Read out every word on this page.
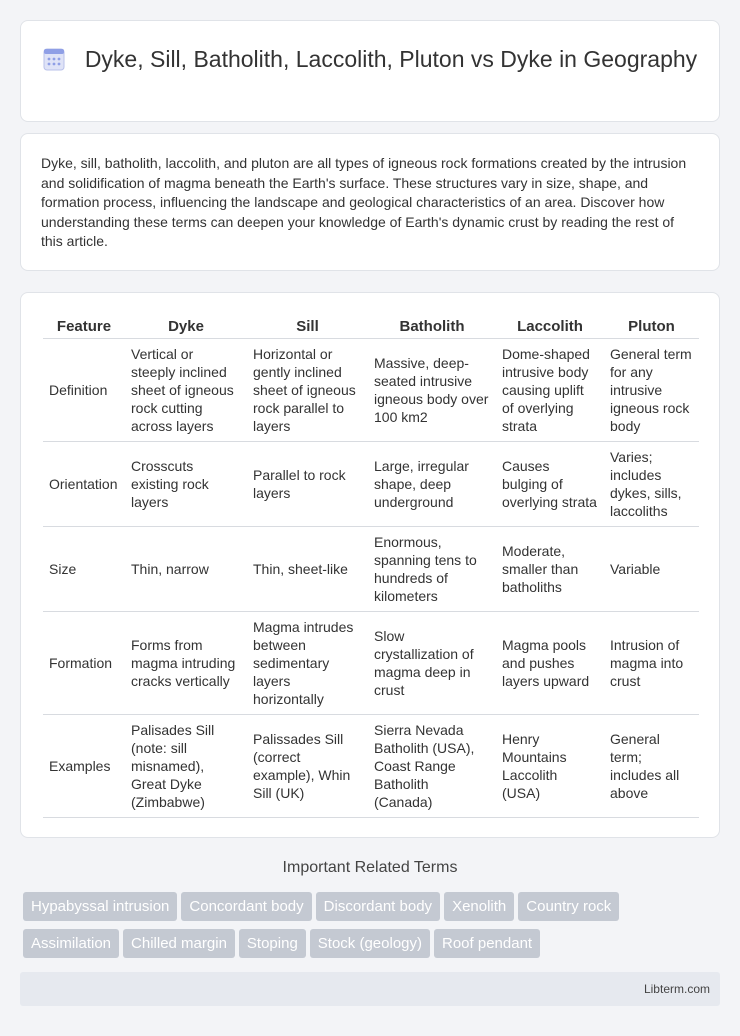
Dyke, Sill, Batholith, Laccolith, Pluton vs Dyke in Geography

Dyke, sill, batholith, laccolith, and pluton are all types of igneous rock formations created by the intrusion and solidification of magma beneath the Earth's surface. These structures vary in size, shape, and formation process, influencing the landscape and geological characteristics of an area. Discover how understanding these terms can deepen your knowledge of Earth's dynamic crust by reading the rest of this article.

Feature	Dyke	Sill	Batholith	Laccolith	Pluton
Definition	Vertical or steeply inclined sheet of igneous rock cutting across layers	Horizontal or gently inclined sheet of igneous rock parallel to layers	Massive, deep-seated intrusive igneous body over 100 km2	Dome-shaped intrusive body causing uplift of overlying strata	General term for any intrusive igneous rock body
Orientation	Crosscuts existing rock layers	Parallel to rock layers	Large, irregular shape, deep underground	Causes bulging of overlying strata	Varies; includes dykes, sills, laccoliths
Size	Thin, narrow	Thin, sheet-like	Enormous, spanning tens to hundreds of kilometers	Moderate, smaller than batholiths	Variable
Formation	Forms from magma intruding cracks vertically	Magma intrudes between sedimentary layers horizontally	Slow crystallization of magma deep in crust	Magma pools and pushes layers upward	Intrusion of magma into crust
Examples	Palisades Sill (note: sill misnamed), Great Dyke (Zimbabwe)	Palissades Sill (correct example), Whin Sill (UK)	Sierra Nevada Batholith (USA), Coast Range Batholith (Canada)	Henry Mountains Laccolith (USA)	General term; includes all above
Important Related Terms
Hypabyssal intrusion Concordant body Discordant body Xenolith Country rock
Assimilation Chilled margin Stoping Stock (geology) Roof pendant
Libterm.com
